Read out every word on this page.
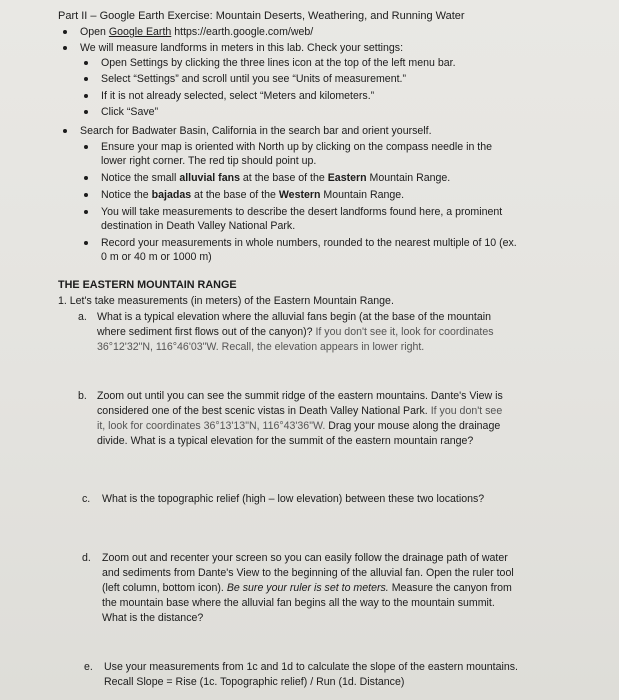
Part II – Google Earth Exercise: Mountain Deserts, Weathering, and Running Water
Open Google Earth https://earth.google.com/web/
We will measure landforms in meters in this lab. Check your settings:
Open Settings by clicking the three lines icon at the top of the left menu bar.
Select “Settings” and scroll until you see “Units of measurement.”
If it is not already selected, select “Meters and kilometers.”
Click “Save”
Search for Badwater Basin, California in the search bar and orient yourself.
Ensure your map is oriented with North up by clicking on the compass needle in the
lower right corner. The red tip should point up.
Notice the small alluvial fans at the base of the Eastern Mountain Range.
Notice the bajadas at the base of the Western Mountain Range.
You will take measurements to describe the desert landforms found here, a prominent
destination in Death Valley National Park.
Record your measurements in whole numbers, rounded to the nearest multiple of 10 (ex.
0 m or 40 m or 1000 m)
THE EASTERN MOUNTAIN RANGE
1. Let's take measurements (in meters) of the Eastern Mountain Range.
a. What is a typical elevation where the alluvial fans begin (at the base of the mountain
where sediment first flows out of the canyon)? If you don't see it, look for coordinates
36°12'32"N, 116°46'03"W. Recall, the elevation appears in lower right.
b. Zoom out until you can see the summit ridge of the eastern mountains. Dante's View is
considered one of the best scenic vistas in Death Valley National Park. If you don't see
it, look for coordinates 36°13'13"N, 116°43'36"W. Drag your mouse along the drainage
divide. What is a typical elevation for the summit of the eastern mountain range?
c. What is the topographic relief (high – low elevation) between these two locations?
d. Zoom out and recenter your screen so you can easily follow the drainage path of water
and sediments from Dante's View to the beginning of the alluvial fan. Open the ruler tool
(left column, bottom icon). Be sure your ruler is set to meters. Measure the canyon from
the mountain base where the alluvial fan begins all the way to the mountain summit.
What is the distance?
e. Use your measurements from 1c and 1d to calculate the slope of the eastern mountains.
Recall Slope = Rise (1c. Topographic relief) / Run (1d. Distance)
